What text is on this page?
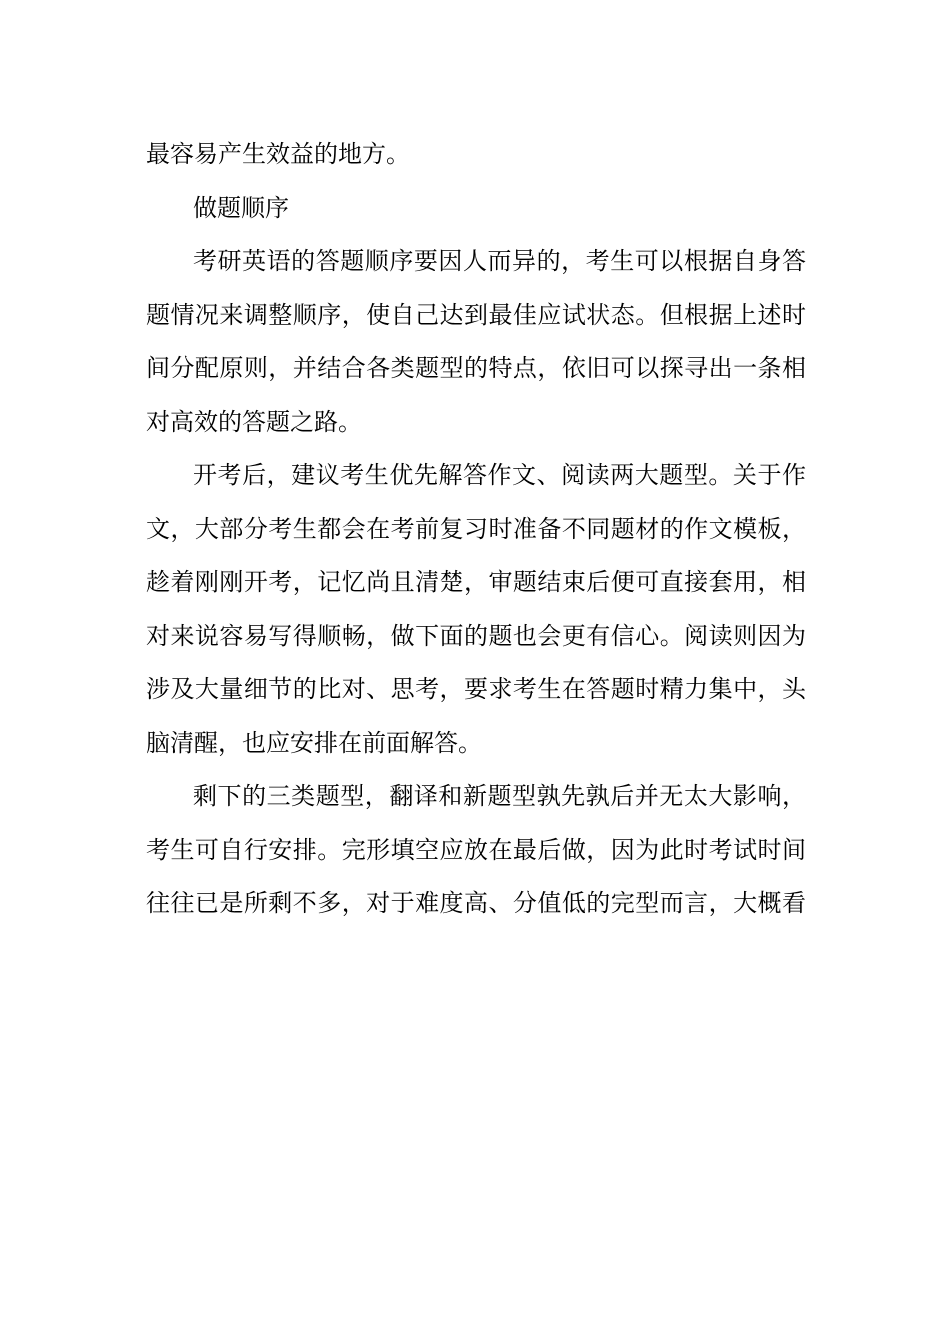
最容易产生效益的地方。
做题顺序
考研英语的答题顺序要因人而异的，考生可以根据自身答
题情况来调整顺序，使自己达到最佳应试状态。但根据上述时
间分配原则，并结合各类题型的特点，依旧可以探寻出一条相
对高效的答题之路。
开考后，建议考生优先解答作文、阅读两大题型。关于作
文，大部分考生都会在考前复习时准备不同题材的作文模板，
趁着刚刚开考，记忆尚且清楚，审题结束后便可直接套用，相
对来说容易写得顺畅，做下面的题也会更有信心。阅读则因为
涉及大量细节的比对、思考，要求考生在答题时精力集中，头
脑清醒，也应安排在前面解答。
剩下的三类题型，翻译和新题型孰先孰后并无太大影响，
考生可自行安排。完形填空应放在最后做，因为此时考试时间
往往已是所剩不多，对于难度高、分值低的完型而言，大概看
